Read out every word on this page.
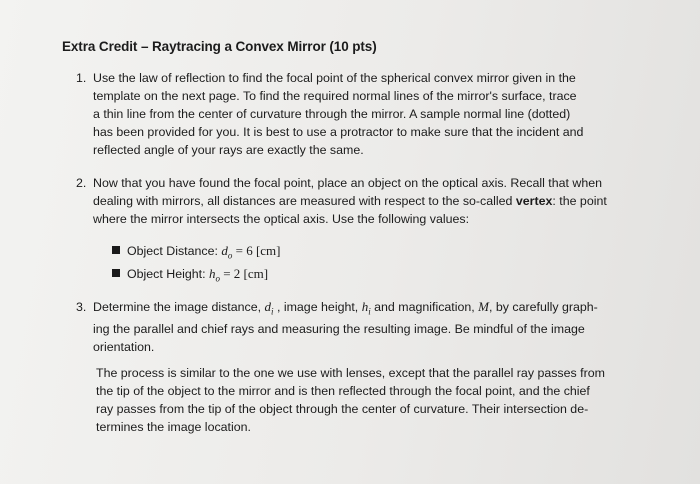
Extra Credit – Raytracing a Convex Mirror (10 pts)
1. Use the law of reflection to find the focal point of the spherical convex mirror given in the
template on the next page. To find the required normal lines of the mirror's surface, trace
a thin line from the center of curvature through the mirror. A sample normal line (dotted)
has been provided for you. It is best to use a protractor to make sure that the incident and
reflected angle of your rays are exactly the same.
2. Now that you have found the focal point, place an object on the optical axis. Recall that when
dealing with mirrors, all distances are measured with respect to the so-called vertex: the point
where the mirror intersects the optical axis. Use the following values:
Object Distance: $d_o = 6$ [cm]
Object Height: $h_o = 2$ [cm]
3. Determine the image distance, $d_i$ , image height, $h_i$ and magnification, M, by carefully graph-
ing the parallel and chief rays and measuring the resulting image. Be mindful of the image
orientation.
The process is similar to the one we use with lenses, except that the parallel ray passes from
the tip of the object to the mirror and is then reflected through the focal point, and the chief
ray passes from the tip of the object through the center of curvature. Their intersection de-
termines the image location.
